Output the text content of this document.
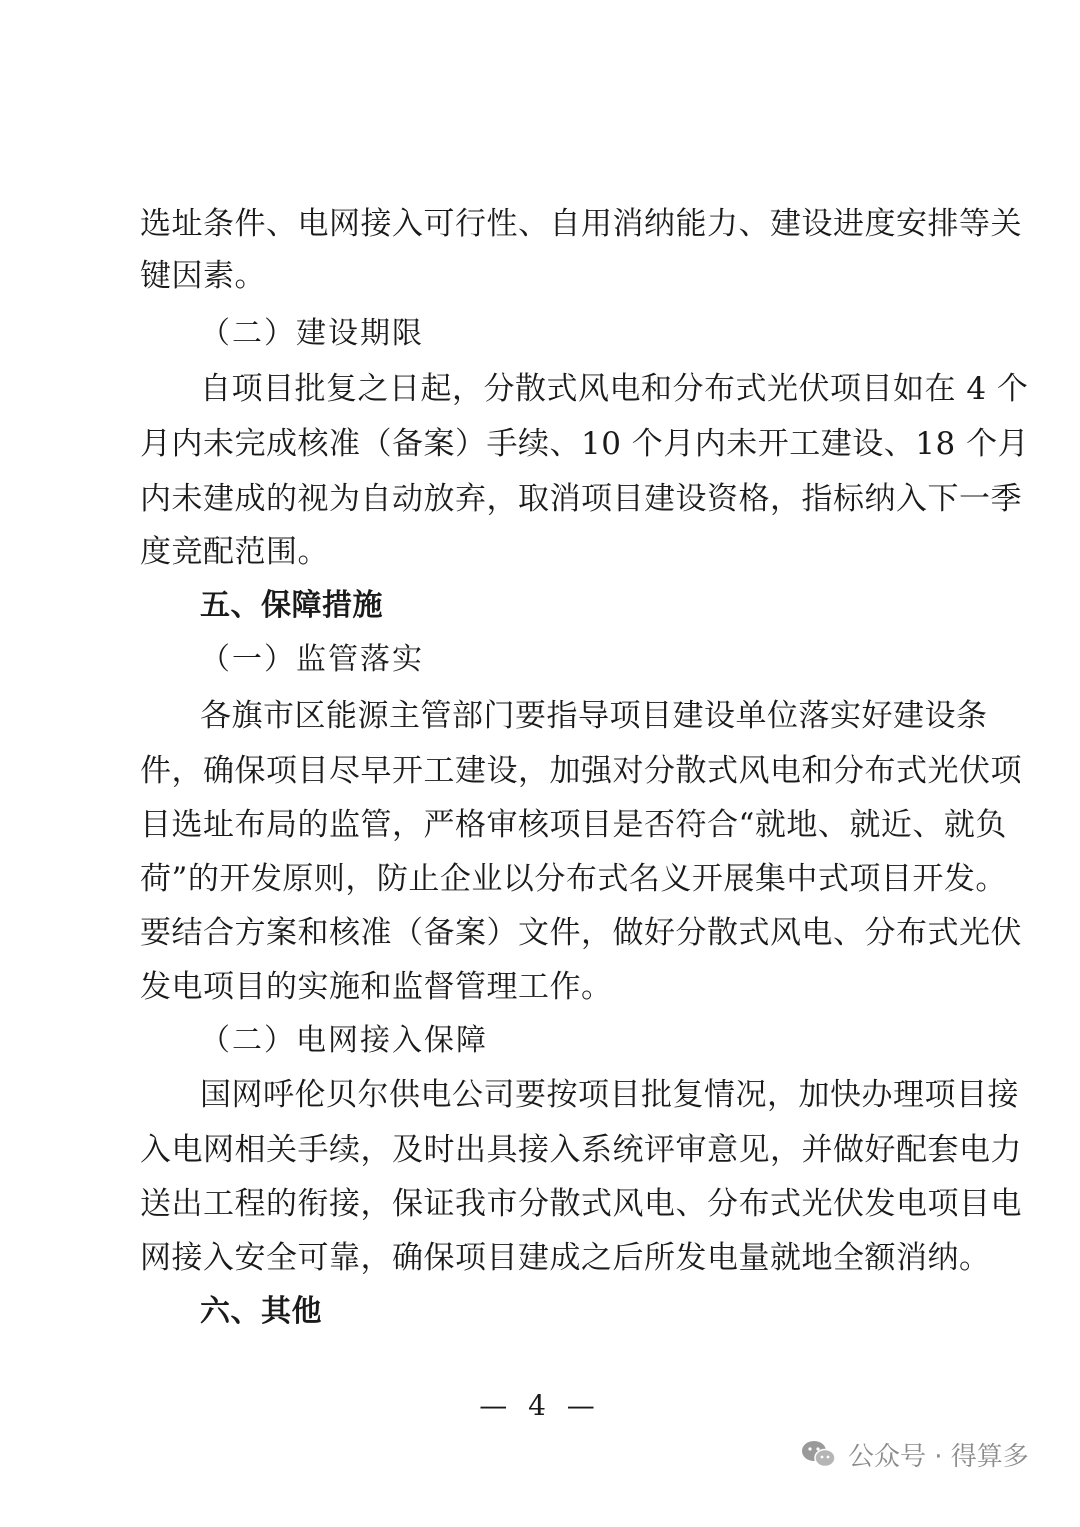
选址条件、电网接入可行性、自用消纳能力、建设进度安排等关
键因素。
（二）建设期限
自项目批复之日起，分散式风电和分布式光伏项目如在 4 个
月内未完成核准（备案）手续、10 个月内未开工建设、18 个月
内未建成的视为自动放弃，取消项目建设资格，指标纳入下一季
度竞配范围。
五、保障措施
（一）监管落实
各旗市区能源主管部门要指导项目建设单位落实好建设条
件，确保项目尽早开工建设，加强对分散式风电和分布式光伏项
目选址布局的监管，严格审核项目是否符合“就地、就近、就负
荷”的开发原则，防止企业以分布式名义开展集中式项目开发。
要结合方案和核准（备案）文件，做好分散式风电、分布式光伏
发电项目的实施和监督管理工作。
（二）电网接入保障
国网呼伦贝尔供电公司要按项目批复情况，加快办理项目接
入电网相关手续，及时出具接入系统评审意见，并做好配套电力
送出工程的衔接，保证我市分散式风电、分布式光伏发电项目电
网接入安全可靠，确保项目建成之后所发电量就地全额消纳。
六、其他
— 4 —
公众号 · 得算多
